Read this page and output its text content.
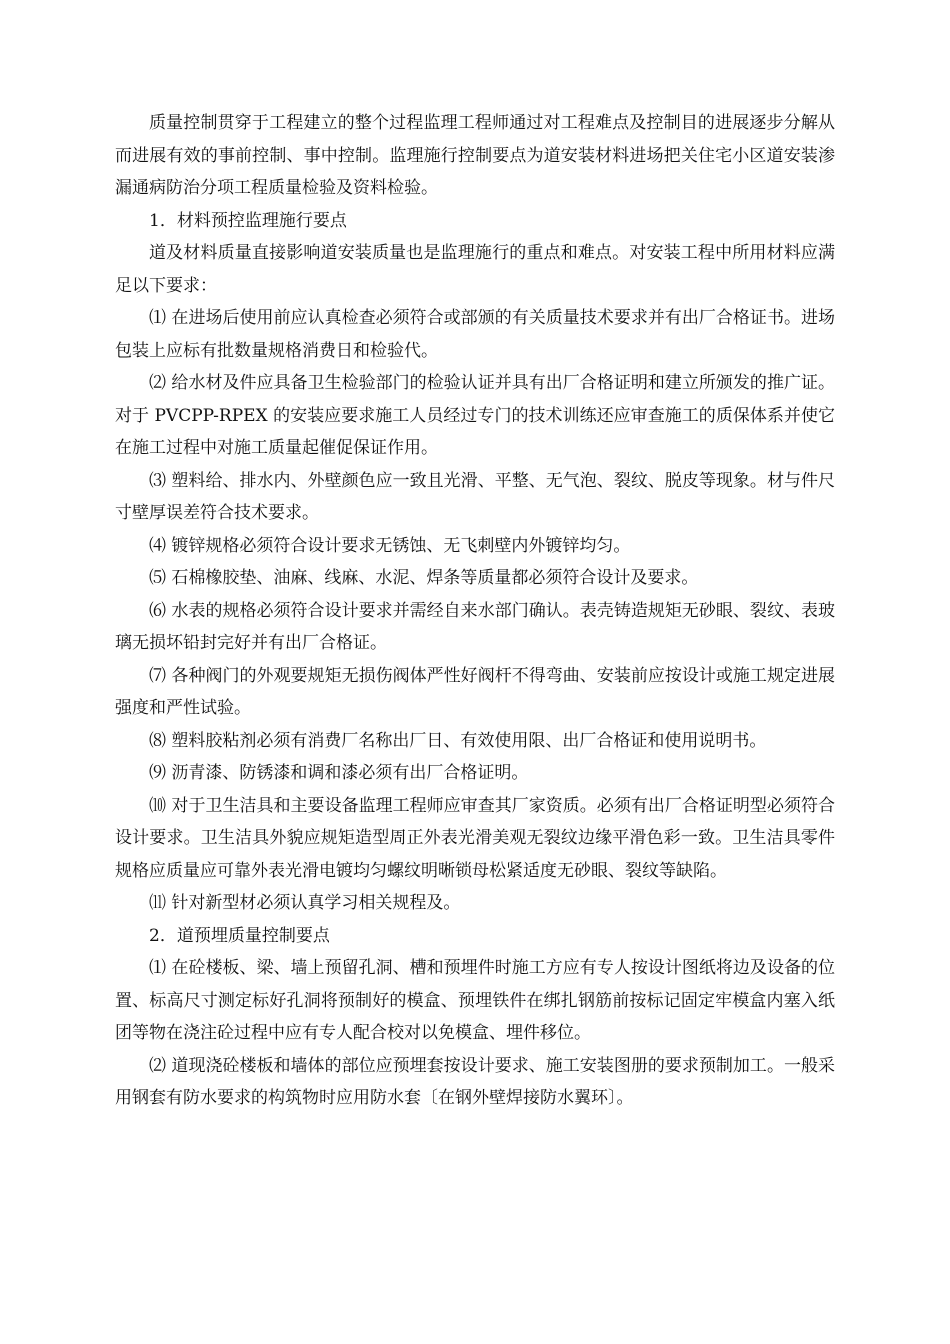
质量控制贯穿于工程建立的整个过程监理工程师通过对工程难点及控制目的进展逐步分解从而进展有效的事前控制、事中控制。监理施行控制要点为道安装材料进场把关住宅小区道安装渗漏通病防治分项工程质量检验及资料检验。

1．材料预控监理施行要点

道及材料质量直接影响道安装质量也是监理施行的重点和难点。对安装工程中所用材料应满足以下要求：

⑴ 在进场后使用前应认真检查必须符合或部颁的有关质量技术要求并有出厂合格证书。进场包装上应标有批数量规格消费日和检验代。

⑵ 给水材及件应具备卫生检验部门的检验认证并具有出厂合格证明和建立所颁发的推广证。对于 PVCPP-RPEX 的安装应要求施工人员经过专门的技术训练还应审查施工的质保体系并使它在施工过程中对施工质量起催促保证作用。

⑶ 塑料给、排水内、外壁颜色应一致且光滑、平整、无气泡、裂纹、脱皮等现象。材与件尺寸壁厚误差符合技术要求。

⑷ 镀锌规格必须符合设计要求无锈蚀、无飞刺壁内外镀锌均匀。

⑸ 石棉橡胶垫、油麻、线麻、水泥、焊条等质量都必须符合设计及要求。

⑹ 水表的规格必须符合设计要求并需经自来水部门确认。表壳铸造规矩无砂眼、裂纹、表玻璃无损坏铅封完好并有出厂合格证。

⑺ 各种阀门的外观要规矩无损伤阀体严性好阀杆不得弯曲、安装前应按设计或施工规定进展强度和严性试验。

⑻ 塑料胶粘剂必须有消费厂名称出厂日、有效使用限、出厂合格证和使用说明书。

⑼ 沥青漆、防锈漆和调和漆必须有出厂合格证明。

⑽ 对于卫生洁具和主要设备监理工程师应审查其厂家资质。必须有出厂合格证明型必须符合设计要求。卫生洁具外貌应规矩造型周正外表光滑美观无裂纹边缘平滑色彩一致。卫生洁具零件规格应质量应可靠外表光滑电镀均匀螺纹明晰锁母松紧适度无砂眼、裂纹等缺陷。

⑾ 针对新型材必须认真学习相关规程及。

2．道预埋质量控制要点

⑴ 在砼楼板、梁、墙上预留孔洞、槽和预埋件时施工方应有专人按设计图纸将边及设备的位置、标高尺寸测定标好孔洞将预制好的模盒、预埋铁件在绑扎钢筋前按标记固定牢模盒内塞入纸团等物在浇注砼过程中应有专人配合校对以免模盒、埋件移位。

⑵ 道现浇砼楼板和墙体的部位应预埋套按设计要求、施工安装图册的要求预制加工。一般采用钢套有防水要求的构筑物时应用防水套〔在钢外壁焊接防水翼环〕。
